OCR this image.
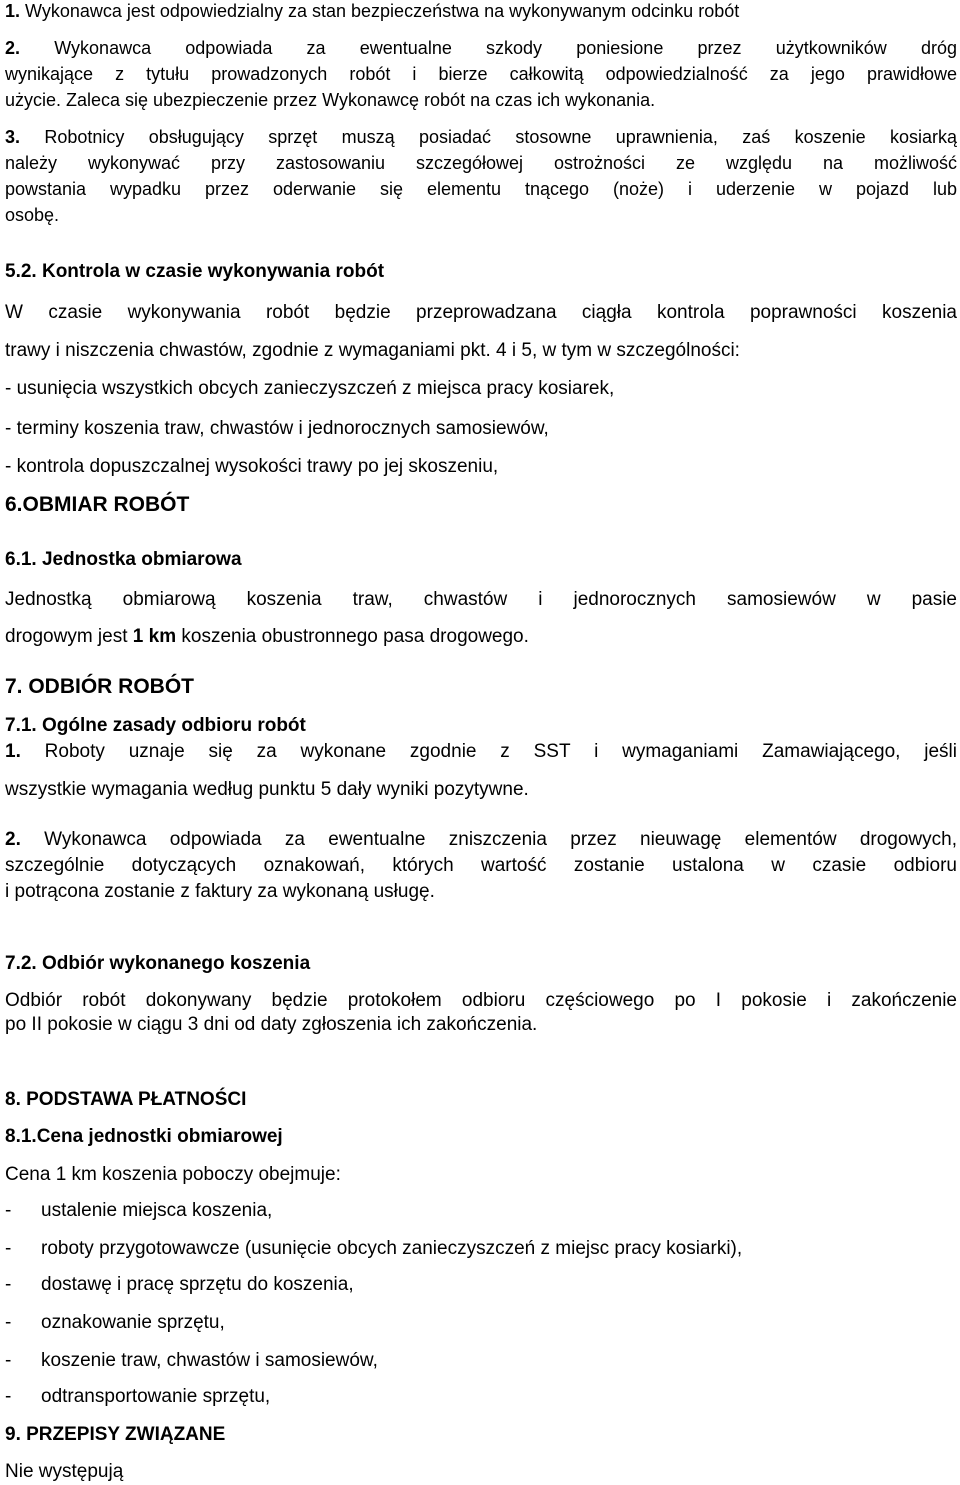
1. Wykonawca jest odpowiedzialny za stan bezpieczeństwa na wykonywanym odcinku robót

2. Wykonawca odpowiada za ewentualne szkody poniesione przez użytkowników dróg

wynikające z tytułu prowadzonych robót i bierze całkowitą odpowiedzialność za jego prawidłowe

użycie. Zaleca się ubezpieczenie przez Wykonawcę robót na czas ich wykonania.

3. Robotnicy obsługujący sprzęt muszą posiadać stosowne uprawnienia, zaś koszenie kosiarką

należy wykonywać przy zastosowaniu szczegółowej ostrożności ze względu na możliwość

powstania wypadku przez oderwanie się elementu tnącego (noże) i uderzenie w pojazd lub

osobę.

5.2. Kontrola w czasie wykonywania robót

W czasie wykonywania robót będzie przeprowadzana ciągła kontrola poprawności koszenia

trawy i niszczenia chwastów, zgodnie z wymaganiami pkt. 4 i 5, w tym w szczególności:

- usunięcia wszystkich obcych zanieczyszczeń z miejsca pracy kosiarek,

- terminy koszenia traw, chwastów i jednorocznych samosiewów,

- kontrola dopuszczalnej wysokości trawy po jej skoszeniu,

6.OBMIAR ROBÓT

6.1. Jednostka obmiarowa

Jednostką obmiarową koszenia traw, chwastów i jednorocznych samosiewów w pasie

drogowym jest 1 km koszenia obustronnego pasa drogowego.

7. ODBIÓR ROBÓT

7.1. Ogólne zasady odbioru robót

1. Roboty uznaje się za wykonane zgodnie z SST i wymaganiami Zamawiającego, jeśli

wszystkie wymagania według punktu 5 dały wyniki pozytywne.

2. Wykonawca odpowiada za ewentualne zniszczenia przez nieuwagę elementów drogowych,

szczególnie dotyczących oznakowań, których wartość zostanie ustalona w czasie odbioru

i potrącona zostanie z faktury za wykonaną usługę.

7.2. Odbiór wykonanego koszenia

Odbiór robót dokonywany będzie protokołem odbioru częściowego po I pokosie i zakończenie

po II pokosie w ciągu 3 dni od daty zgłoszenia ich zakończenia.

8. PODSTAWA PŁATNOŚCI

8.1.Cena jednostki obmiarowej

Cena 1 km koszenia poboczy obejmuje:

- ustalenie miejsca koszenia,

- roboty przygotowawcze (usunięcie obcych zanieczyszczeń z miejsc pracy kosiarki),

- dostawę i pracę sprzętu do koszenia,

- oznakowanie sprzętu,

- koszenie traw, chwastów i samosiewów,

- odtransportowanie sprzętu,

9. PRZEPISY ZWIĄZANE

Nie występują
